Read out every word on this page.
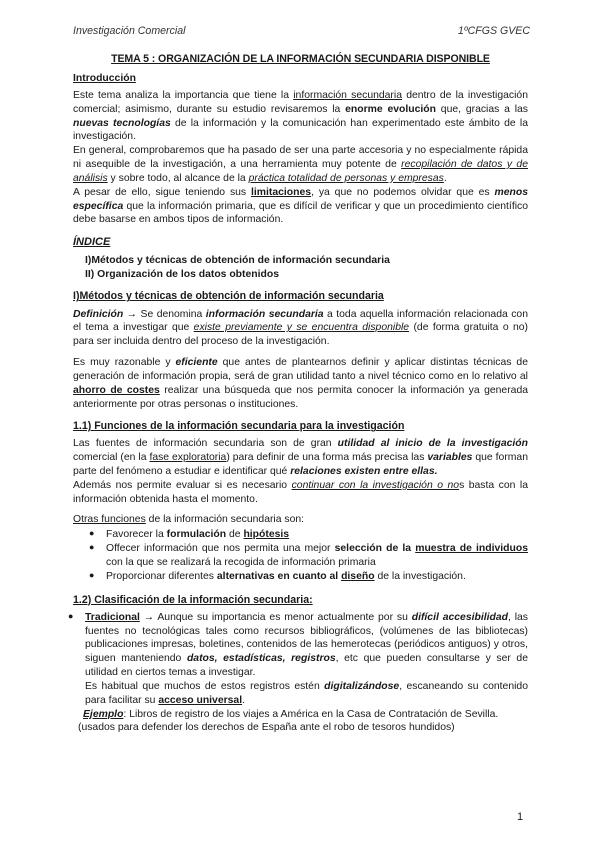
Investigación Comercial	1ºCFGS GVEC
TEMA 5 : ORGANIZACIÓN DE LA INFORMACIÓN SECUNDARIA DISPONIBLE
Introducción

Este tema analiza la importancia que tiene la información secundaria dentro de la investigación comercial; asimismo, durante su estudio revisaremos la enorme evolución que, gracias a las nuevas tecnologías de la información y la comunicación han experimentado este ámbito de la investigación.

En general, comprobaremos que ha pasado de ser una parte accesoria y no especialmente rápida ni asequible de la investigación, a una herramienta muy potente de recopilación de datos y de análisis y sobre todo, al alcance de la práctica totalidad de personas y empresas.

A pesar de ello, sigue teniendo sus limitaciones, ya que no podemos olvidar que es menos específica que la información primaria, que es difícil de verificar y que un procedimiento científico debe basarse en ambos tipos de información.

ÍNDICE
I)Métodos y técnicas de obtención de información secundaria
II) Organización de los datos obtenidos
I)Métodos y técnicas de obtención de información secundaria

Definición → Se denomina información secundaria a toda aquella información relacionada con el tema a investigar que existe previamente y se encuentra disponible (de forma gratuita o no) para ser incluida dentro del proceso de la investigación.

Es muy razonable y eficiente que antes de plantearnos definir y aplicar distintas técnicas de generación de información propia, será de gran utilidad tanto a nivel técnico como en lo relativo al ahorro de costes realizar una búsqueda que nos permita conocer la información ya generada anteriormente por otras personas o instituciones.

1.1) Funciones de la información secundaria para la investigación

Las fuentes de información secundaria son de gran utilidad al inicio de la investigación comercial (en la fase exploratoria) para definir de una forma más precisa las variables que forman parte del fenómeno a estudiar e identificar qué relaciones existen entre ellas.

Además nos permite evaluar si es necesario continuar con la investigación o nos basta con la información obtenida hasta el momento.

Otras funciones de la información secundaria son:

● Favorecer la formulación de hipótesis
● Offecer información que nos permita una mejor selección de la muestra de individuos con la que se realizará la recogida de información primaria
● Proporcionar diferentes alternativas en cuanto al diseño de la investigación.
1.2) Clasificación de la información secundaria:
● Tradicional → Aunque su importancia es menor actualmente por su difícil accesibilidad, las fuentes no tecnológicas tales como recursos bibliográficos, (volúmenes de las bibliotecas) publicaciones impresas, boletines, contenidos de las hemerotecas (periódicos antiguos) y otros, siguen manteniendo datos, estadísticas, registros, etc que pueden consultarse y ser de utilidad en ciertos temas a investigar.

Es habitual que muchos de estos registros estén digitalizándose, escaneando su contenido para facilitar su acceso universal.

Ejemplo: Libros de registro de los viajes a América en la Casa de Contratación de Sevilla.
(usados para defender los derechos de España ante el robo de tesoros hundidos)
1
